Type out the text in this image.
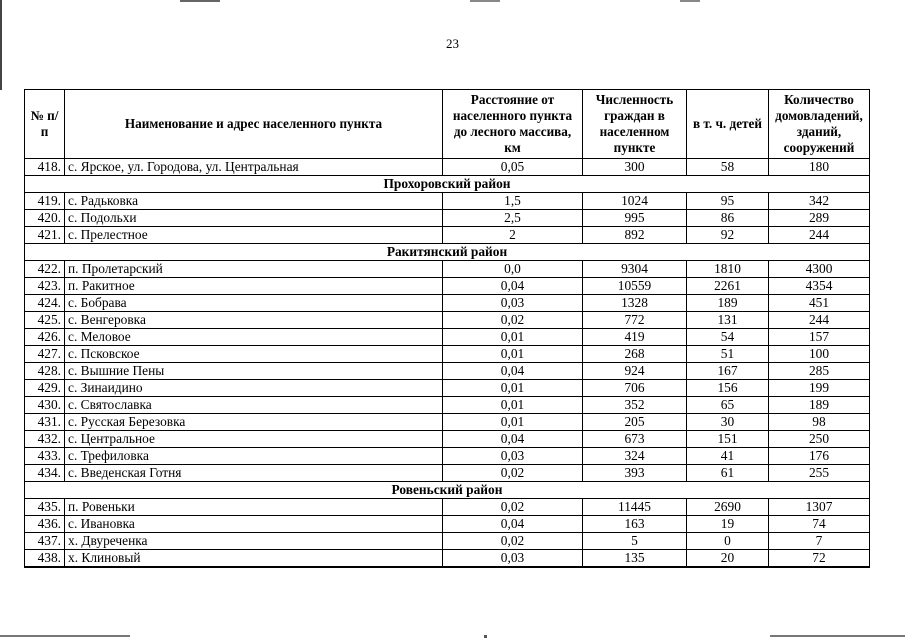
23
№ п/п	Наименование и адрес населенного пункта	Расстояние от населенного пункта до лесного массива, км	Численность граждан в населенном пункте	в т. ч. детей	Количество домовладений, зданий, сооружений
418.	с. Ярское, ул. Городова, ул. Центральная	0,05	300	58	180
Прохоровский район					
419.	с. Радьковка	1,5	1024	95	342
420.	с. Подольхи	2,5	995	86	289
421.	с. Прелестное	2	892	92	244
Ракитянский район					
422.	п. Пролетарский	0,0	9304	1810	4300
423.	п. Ракитное	0,04	10559	2261	4354
424.	с. Бобрава	0,03	1328	189	451
425.	с. Венгеровка	0,02	772	131	244
426.	с. Меловое	0,01	419	54	157
427.	с. Псковское	0,01	268	51	100
428.	с. Вышние Пены	0,04	924	167	285
429.	с. Зинаидино	0,01	706	156	199
430.	с. Святославка	0,01	352	65	189
431.	с. Русская Березовка	0,01	205	30	98
432.	с. Центральное	0,04	673	151	250
433.	с. Трефиловка	0,03	324	41	176
434.	с. Введенская Готня	0,02	393	61	255
Ровеньский район					
435.	п. Ровеньки	0,02	11445	2690	1307
436.	с. Ивановка	0,04	163	19	74
437.	х. Двуреченка	0,02	5	0	7
438.	х. Клиновый	0,03	135	20	72
